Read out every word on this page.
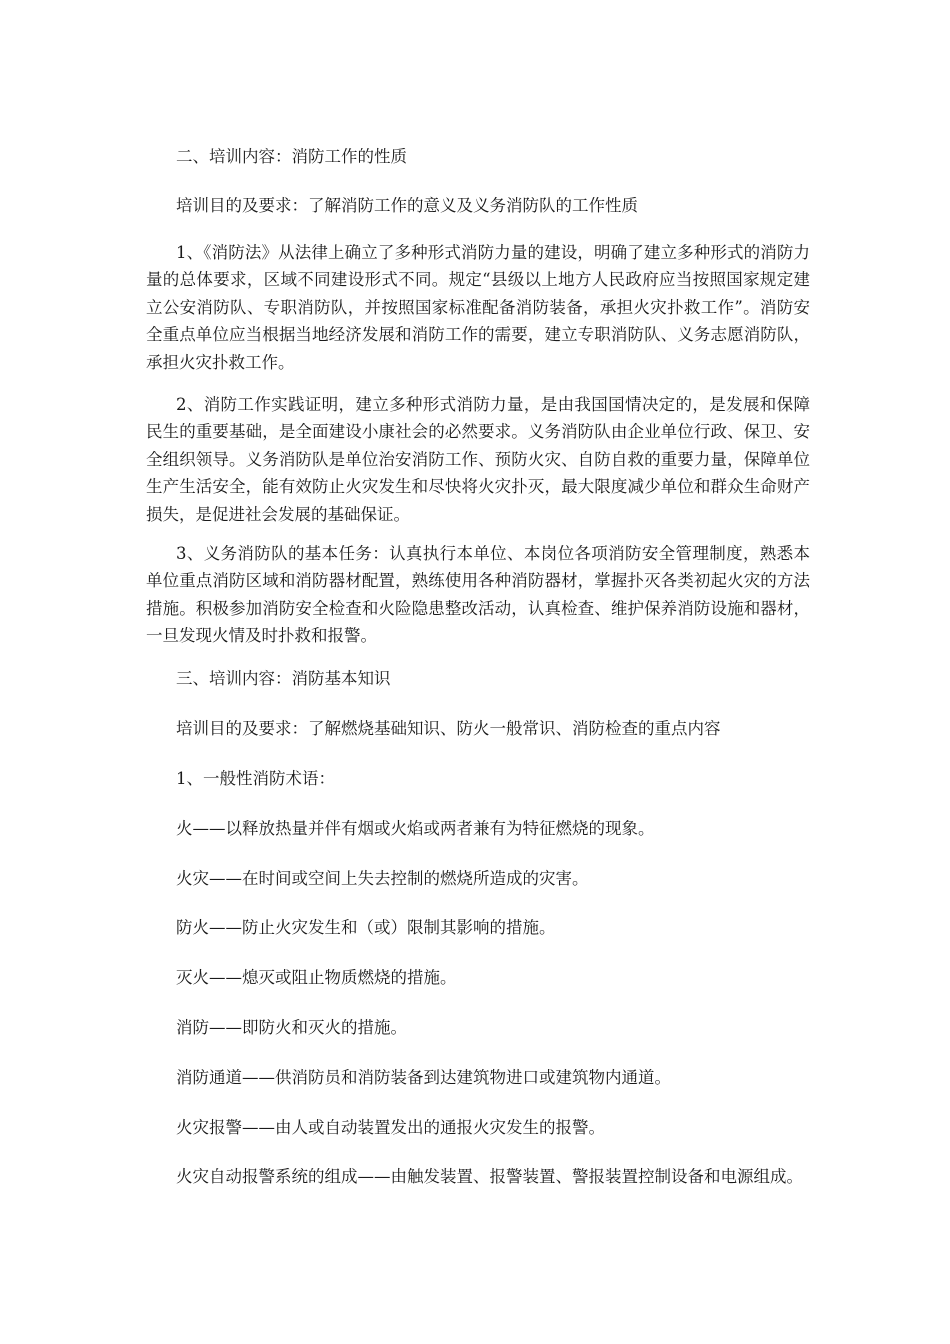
二、培训内容：消防工作的性质

培训目的及要求：了解消防工作的意义及义务消防队的工作性质

1、《消防法》从法律上确立了多种形式消防力量的建设，明确了建立多种形式的消防力量的总体要求，区域不同建设形式不同。规定“县级以上地方人民政府应当按照国家规定建立公安消防队、专职消防队，并按照国家标准配备消防装备，承担火灾扑救工作”。消防安全重点单位应当根据当地经济发展和消防工作的需要，建立专职消防队、义务志愿消防队，承担火灾扑救工作。

2、消防工作实践证明，建立多种形式消防力量，是由我国国情决定的，是发展和保障民生的重要基础，是全面建设小康社会的必然要求。义务消防队由企业单位行政、保卫、安全组织领导。义务消防队是单位治安消防工作、预防火灾、自防自救的重要力量，保障单位生产生活安全，能有效防止火灾发生和尽快将火灾扑灭，最大限度减少单位和群众生命财产损失，是促进社会发展的基础保证。

3、义务消防队的基本任务：认真执行本单位、本岗位各项消防安全管理制度，熟悉本单位重点消防区域和消防器材配置，熟练使用各种消防器材，掌握扑灭各类初起火灾的方法措施。积极参加消防安全检查和火险隐患整改活动，认真检查、维护保养消防设施和器材，一旦发现火情及时扑救和报警。

三、培训内容：消防基本知识

培训目的及要求：了解燃烧基础知识、防火一般常识、消防检查的重点内容

1、一般性消防术语：

火——以释放热量并伴有烟或火焰或两者兼有为特征燃烧的现象。

火灾——在时间或空间上失去控制的燃烧所造成的灾害。

防火——防止火灾发生和（或）限制其影响的措施。

灭火——熄灭或阻止物质燃烧的措施。

消防——即防火和灭火的措施。

消防通道——供消防员和消防装备到达建筑物进口或建筑物内通道。

火灾报警——由人或自动装置发出的通报火灾发生的报警。

火灾自动报警系统的组成——由触发装置、报警装置、警报装置控制设备和电源组成。
